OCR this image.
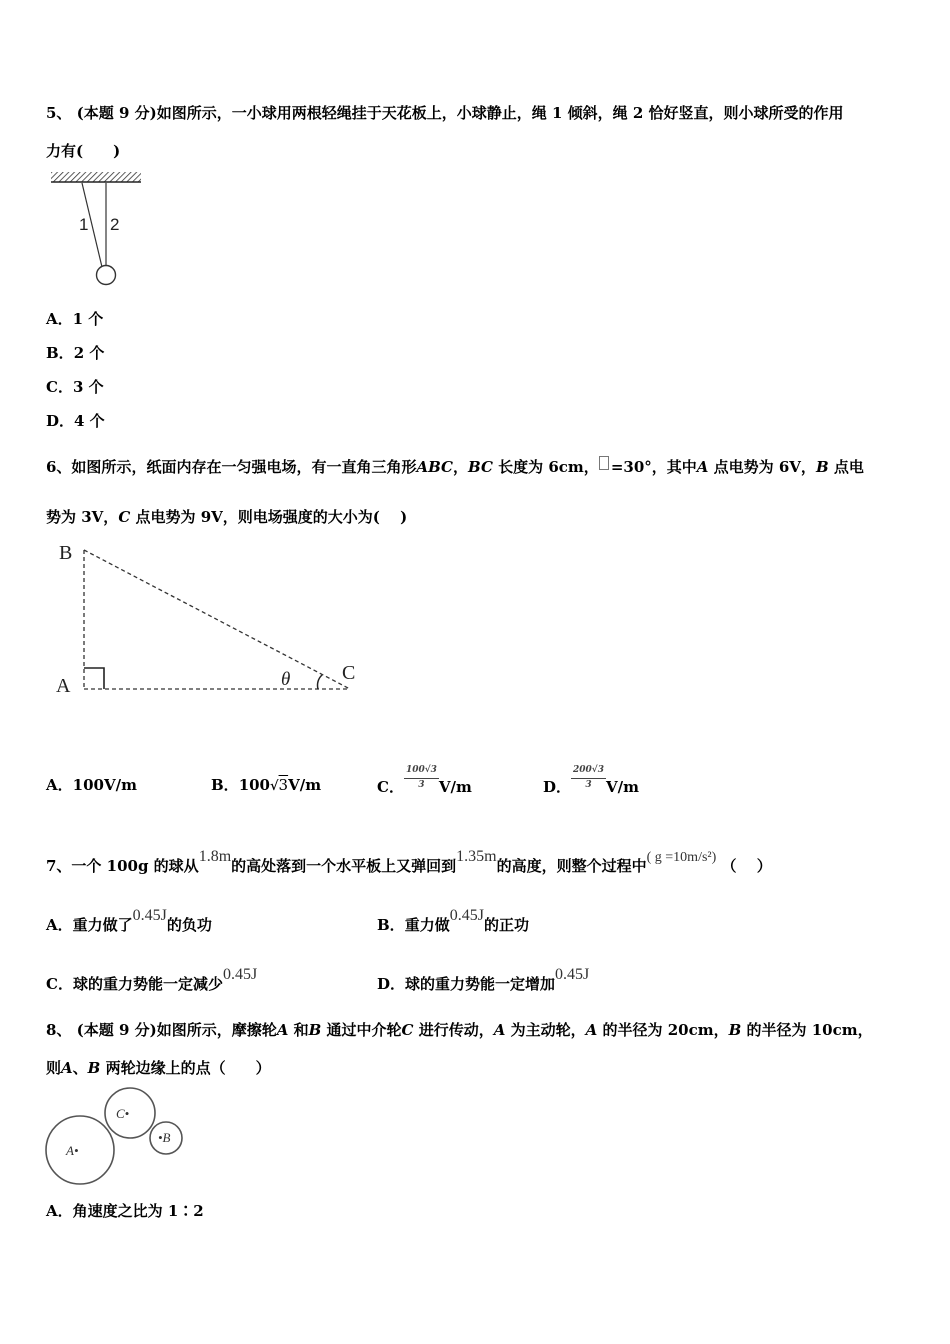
5、 (本题 9 分)如图所示，一小球用两根轻绳挂于天花板上，小球静止，绳 1 倾斜，绳 2 恰好竖直，则小球所受的作用
力有(　　)
1 2
A．1 个
B．2 个
C．3 个
D．4 个
6、如图所示，纸面内存在一匀强电场，有一直角三角形ABC，BC 长度为 6cm， =30°，其中A 点电势为 6V，B 点电
势为 3V，C 点电势为 9V，则电场强度的大小为(　 )
B
A
C
θ
A．100V/m	B．100√3V/m	C． $\frac{100√3}{3} V/m$	D． $\frac{200√3}{3} V/m$
7、一个 100g 的球从1.8m的高处落到一个水平板上又弹回到1.35m的高度，则整个过程中( g =10m/s²) （　 ）
A．重力做了0.45J的负功	B．重力做0.45J的正功
C．球的重力势能一定减少0.45J
D．球的重力势能一定增加0.45J
8、 (本题 9 分)如图所示，摩擦轮A 和B 通过中介轮C 进行传动，A 为主动轮，A 的半径为 20cm，B 的半径为 10cm，
则A、B 两轮边缘上的点（　　）
A•
C•
•B
A．角速度之比为 1∶2
